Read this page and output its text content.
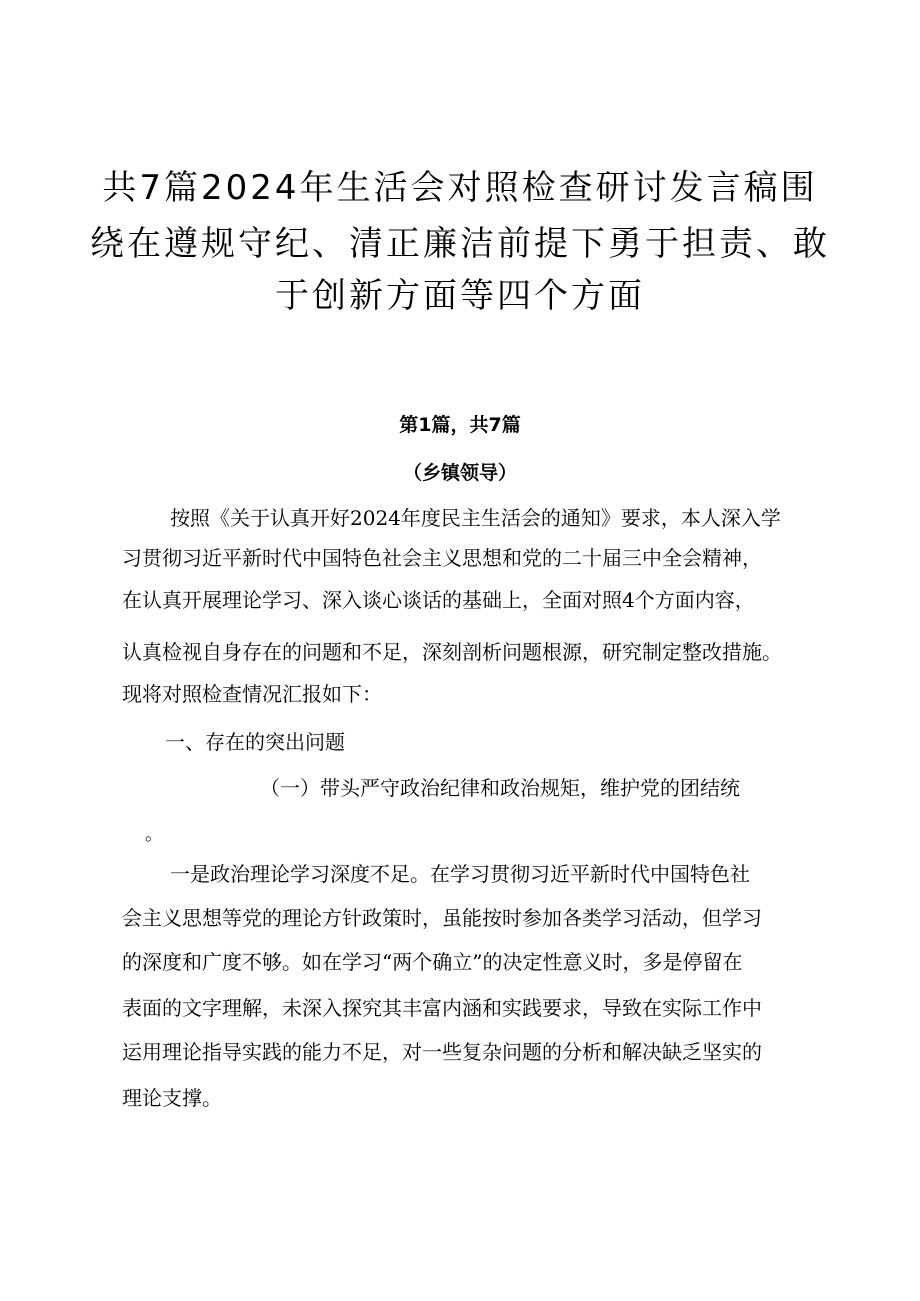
共7篇2024年生活会对照检查研讨发言稿围
绕在遵规守纪、清正廉洁前提下勇于担责、敢
于创新方面等四个方面

第1篇，共7篇

（乡镇领导）

按照《关于认真开好2024年度民主生活会的通知》要求，本人深入学

习贯彻习近平新时代中国特色社会主义思想和党的二十届三中全会精神，

在认真开展理论学习、深入谈心谈话的基础上，全面对照4个方面内容，

认真检视自身存在的问题和不足，深刻剖析问题根源，研究制定整改措施。

现将对照检查情况汇报如下：

一、存在的突出问题

（一）带头严守政治纪律和政治规矩，维护党的团结统

。

一是政治理论学习深度不足。在学习贯彻习近平新时代中国特色社

会主义思想等党的理论方针政策时，虽能按时参加各类学习活动，但学习

的深度和广度不够。如在学习“两个确立”的决定性意义时，多是停留在

表面的文字理解，未深入探究其丰富内涵和实践要求，导致在实际工作中

运用理论指导实践的能力不足，对一些复杂问题的分析和解决缺乏坚实的

理论支撑。
